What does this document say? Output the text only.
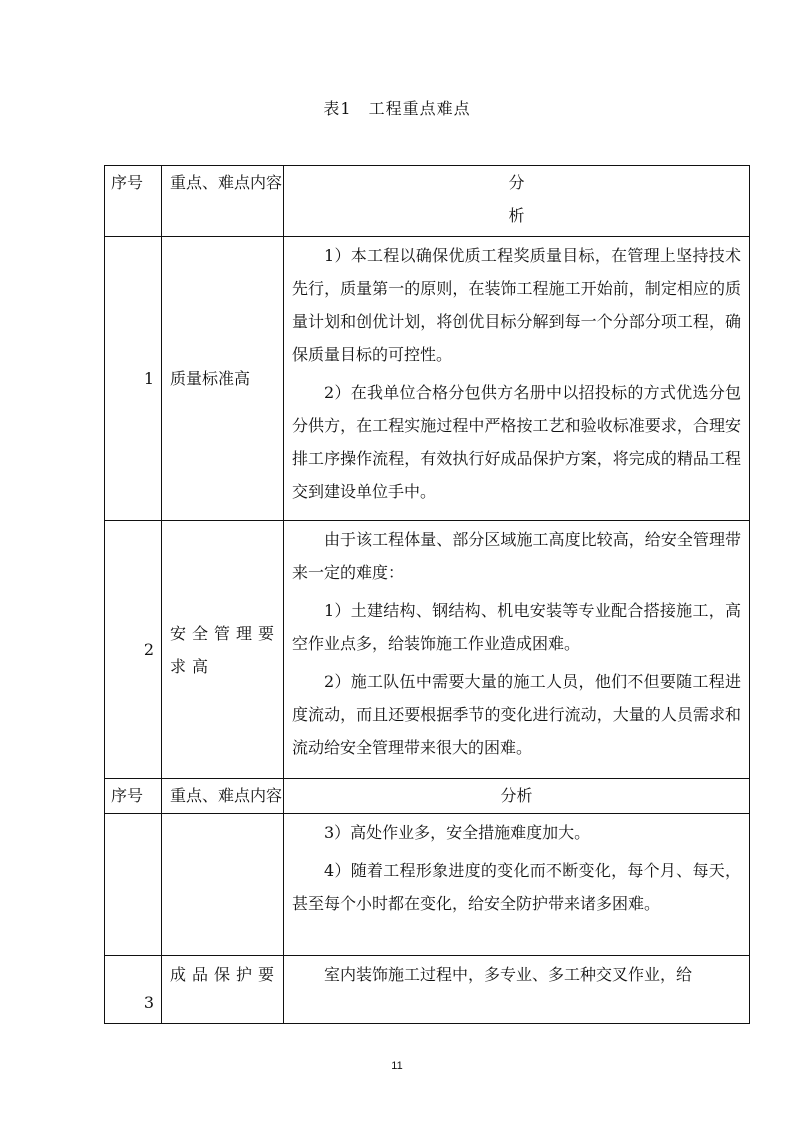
表1　工程重点难点
序号	重点、难点内容	分
析

1	质量标准高	1）本工程以确保优质工程奖质量目标，在管理上坚持技术先行，质量第一的原则，在装饰工程施工开始前，制定相应的质量计划和创优计划，将创优目标分解到每一个分部分项工程，确保质量目标的可控性。

2）在我单位合格分包供方名册中以招投标的方式优选分包分供方，在工程实施过程中严格按工艺和验收标准要求，合理安排工序操作流程，有效执行好成品保护方案，将完成的精品工程交到建设单位手中。

2	安全管理要求高	由于该工程体量、部分区域施工高度比较高，给安全管理带来一定的难度：

1）土建结构、钢结构、机电安装等专业配合搭接施工，高空作业点多，给装饰施工作业造成困难。

2）施工队伍中需要大量的施工人员，他们不但要随工程进度流动，而且还要根据季节的变化进行流动，大量的人员需求和流动给安全管理带来很大的困难。

序号	重点、难点内容	分析

		3）高处作业多，安全措施难度加大。

4）随着工程形象进度的变化而不断变化，每个月、每天，甚至每个小时都在变化，给安全防护带来诸多困难。

3	成品保护要	室内装饰施工过程中，多专业、多工种交叉作业，给

11
